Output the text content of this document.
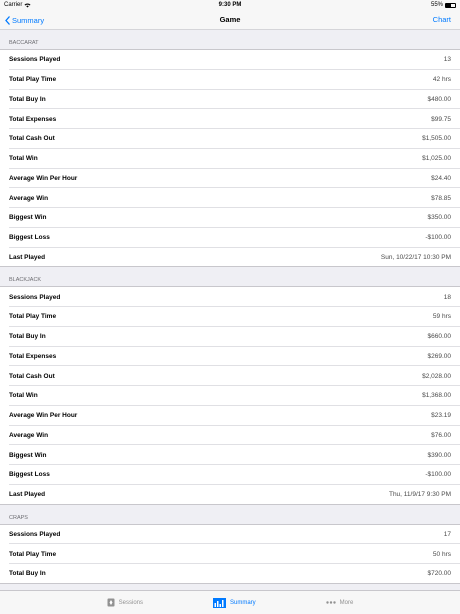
Carrier	9:30 PM	55%
Summary	Game	Chart
BACCARAT
Sessions Played	13
Total Play Time	42 hrs
Total Buy In	$480.00
Total Expenses	$99.75
Total Cash Out	$1,505.00
Total Win	$1,025.00
Average Win Per Hour	$24.40
Average Win	$78.85
Biggest Win	$350.00
Biggest Loss	-$100.00
Last Played	Sun, 10/22/17 10:30 PM
BLACKJACK
Sessions Played	18
Total Play Time	59 hrs
Total Buy In	$660.00
Total Expenses	$269.00
Total Cash Out	$2,028.00
Total Win	$1,368.00
Average Win Per Hour	$23.19
Average Win	$76.00
Biggest Win	$390.00
Biggest Loss	-$100.00
Last Played	Thu, 11/9/17 9:30 PM
CRAPS
Sessions Played	17
Total Play Time	50 hrs
Total Buy In	$720.00
Sessions	Summary	More
